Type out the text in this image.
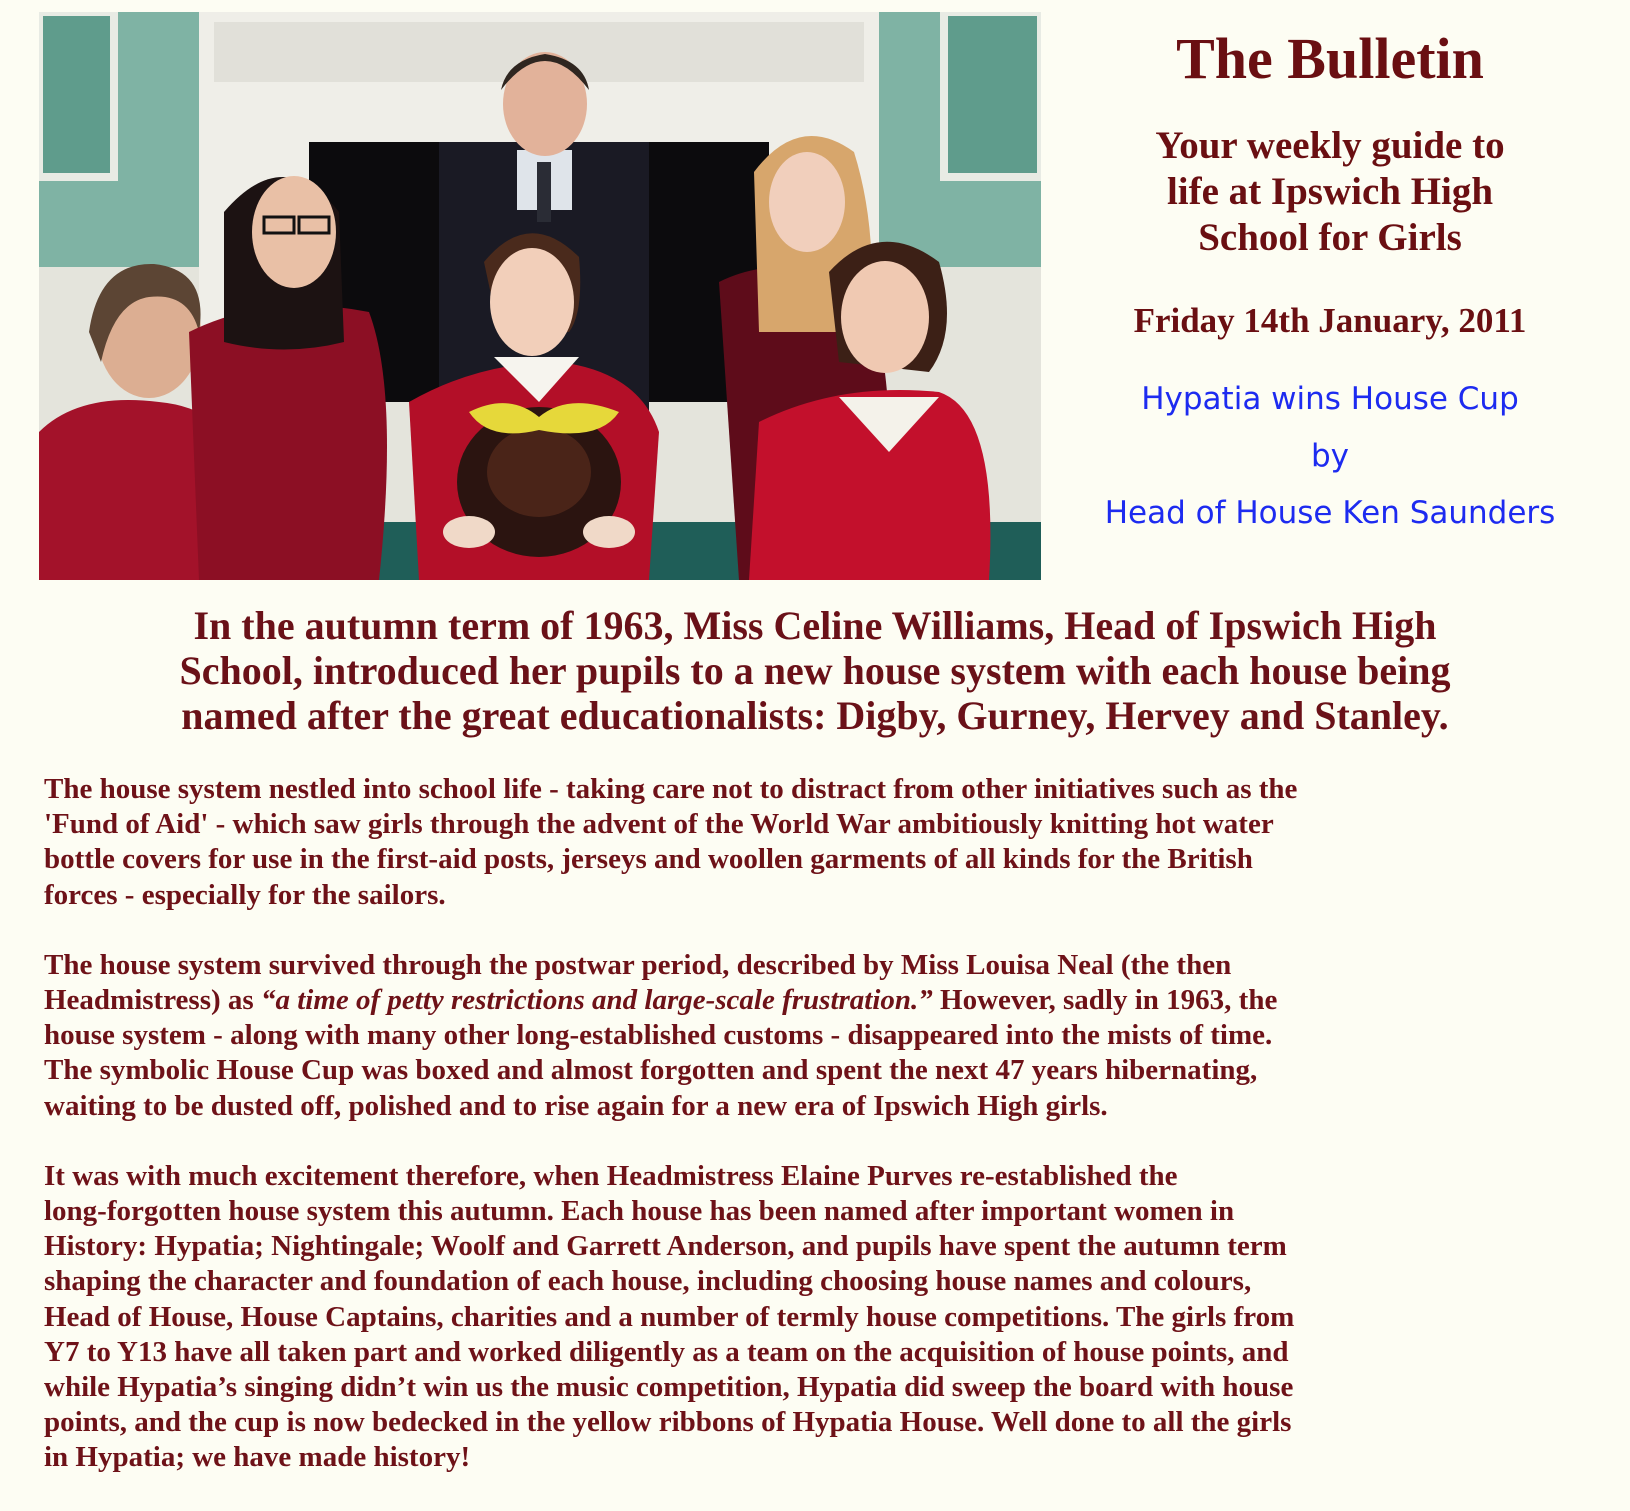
The Bulletin
Your weekly guide to
life at Ipswich High
School for Girls
Friday 14th January, 2011
Hypatia wins House Cup
by
Head of House Ken Saunders
In the autumn term of 1963, Miss Celine Williams, Head of Ipswich High
School, introduced her pupils to a new house system with each house being
named after the great educationalists: Digby, Gurney, Hervey and Stanley.
The house system nestled into school life - taking care not to distract from other initiatives such as the
'Fund of Aid' - which saw girls through the advent of the World War ambitiously knitting hot water
bottle covers for use in the first-aid posts, jerseys and woollen garments of all kinds for the British
forces - especially for the sailors.
The house system survived through the postwar period, described by Miss Louisa Neal (the then
Headmistress) as “a time of petty restrictions and large-scale frustration.” However, sadly in 1963, the
house system - along with many other long-established customs - disappeared into the mists of time.
The symbolic House Cup was boxed and almost forgotten and spent the next 47 years hibernating,
waiting to be dusted off, polished and to rise again for a new era of Ipswich High girls.
It was with much excitement therefore, when Headmistress Elaine Purves re-established the
long-forgotten house system this autumn. Each house has been named after important women in
History: Hypatia; Nightingale; Woolf and Garrett Anderson, and pupils have spent the autumn term
shaping the character and foundation of each house, including choosing house names and colours,
Head of House, House Captains, charities and a number of termly house competitions. The girls from
Y7 to Y13 have all taken part and worked diligently as a team on the acquisition of house points, and
while Hypatia’s singing didn’t win us the music competition, Hypatia did sweep the board with house
points, and the cup is now bedecked in the yellow ribbons of Hypatia House. Well done to all the girls
in Hypatia; we have made history!
